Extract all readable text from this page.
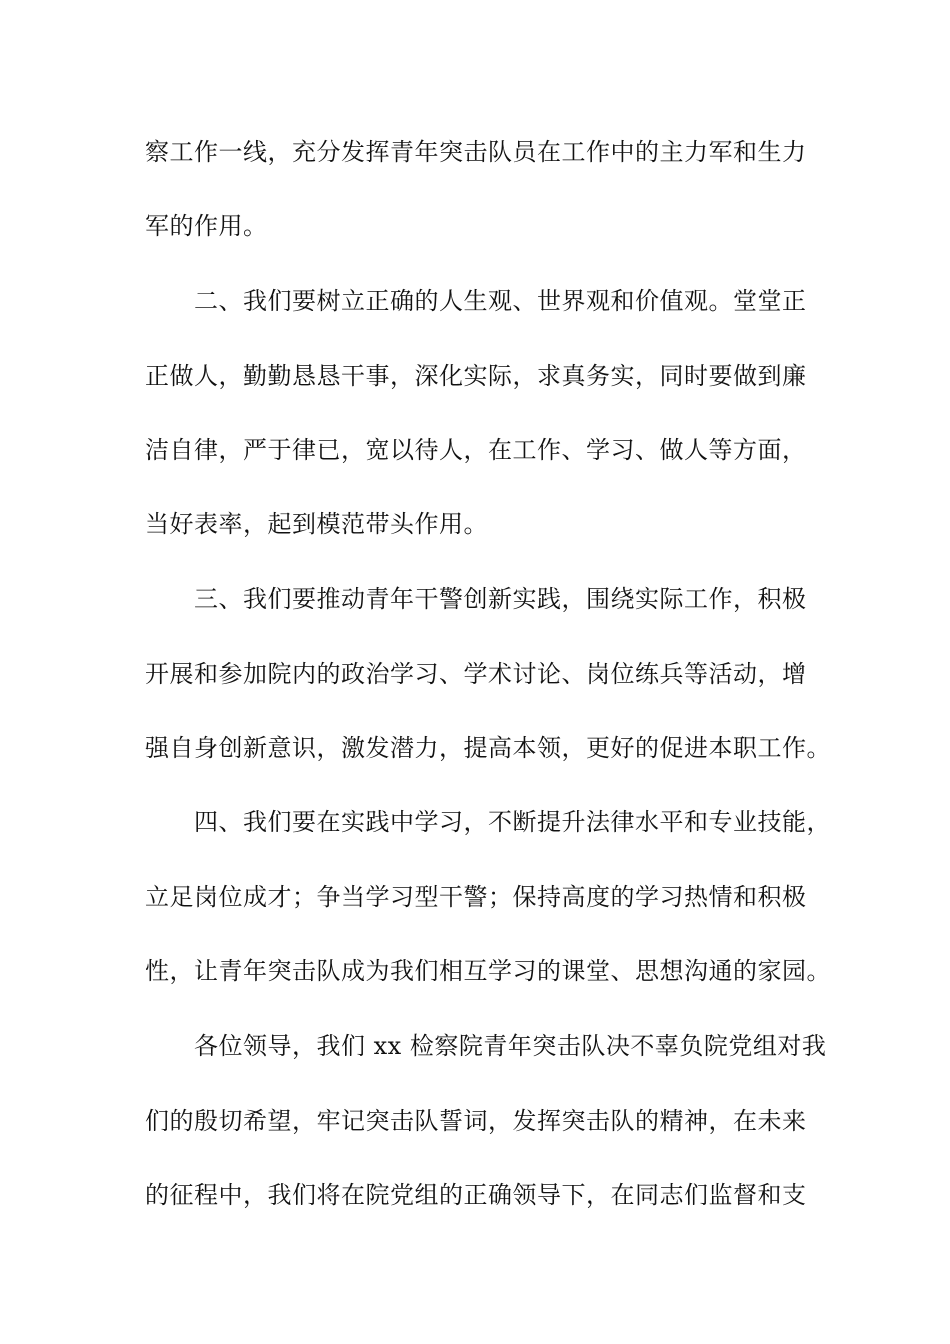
察工作一线，充分发挥青年突击队员在工作中的主力军和生力
军的作用。
　　二、我们要树立正确的人生观、世界观和价值观。堂堂正
正做人，勤勤恳恳干事，深化实际，求真务实，同时要做到廉
洁自律，严于律已，宽以待人，在工作、学习、做人等方面，
当好表率，起到模范带头作用。
　　三、我们要推动青年干警创新实践，围绕实际工作，积极
开展和参加院内的政治学习、学术讨论、岗位练兵等活动，增
强自身创新意识，激发潜力，提高本领，更好的促进本职工作。
　　四、我们要在实践中学习，不断提升法律水平和专业技能，
立足岗位成才；争当学习型干警；保持高度的学习热情和积极
性，让青年突击队成为我们相互学习的课堂、思想沟通的家园。
　　各位领导，我们 xx 检察院青年突击队决不辜负院党组对我
们的殷切希望，牢记突击队誓词，发挥突击队的精神，在未来
的征程中，我们将在院党组的正确领导下，在同志们监督和支
